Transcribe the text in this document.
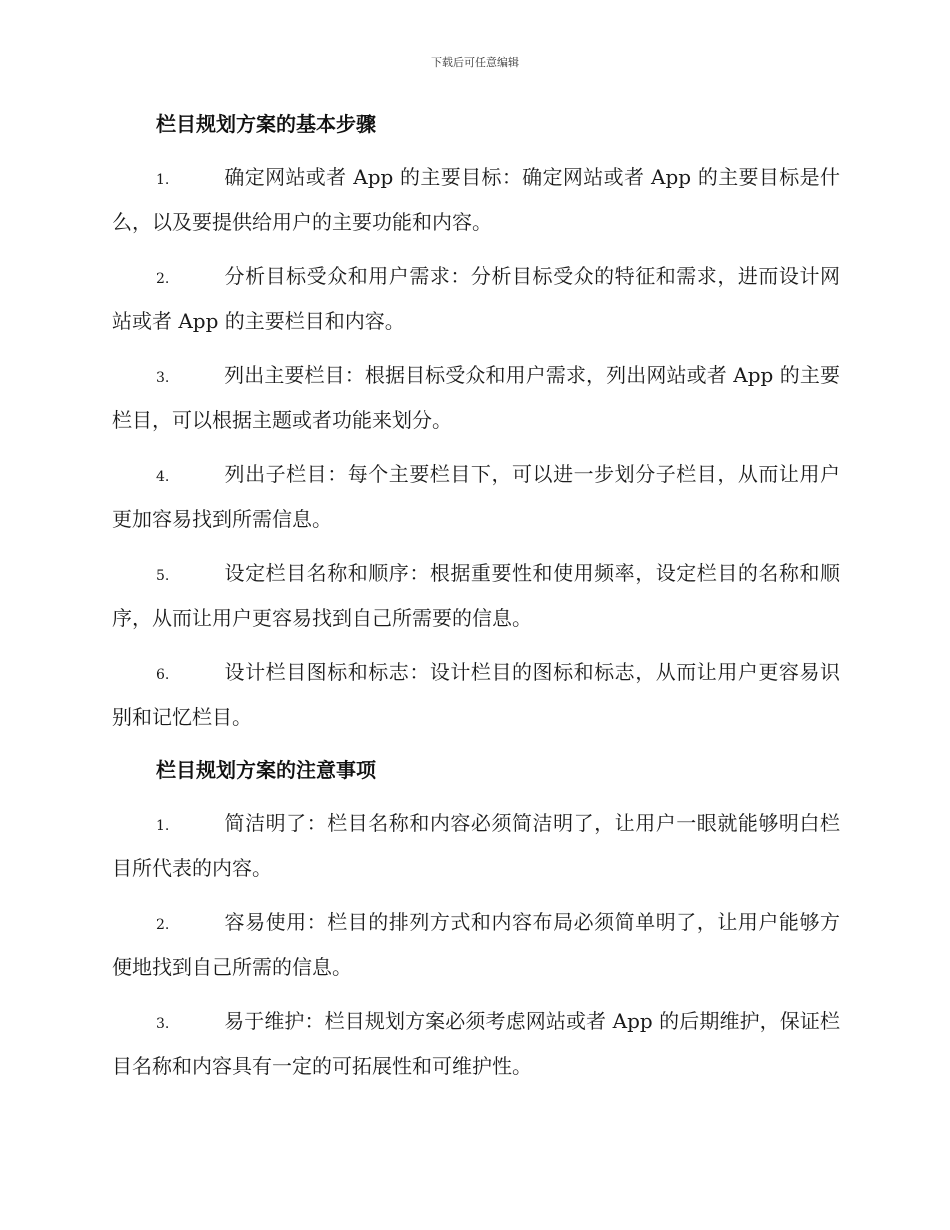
下载后可任意编辑
栏目规划方案的基本步骤

1.	确定网站或者 App 的主要目标：确定网站或者 App 的主要目标是什么，以及要提供给用户的主要功能和内容。

2.	分析目标受众和用户需求：分析目标受众的特征和需求，进而设计网站或者 App 的主要栏目和内容。

3.	列出主要栏目：根据目标受众和用户需求，列出网站或者 App 的主要栏目，可以根据主题或者功能来划分。

4.	列出子栏目：每个主要栏目下，可以进一步划分子栏目，从而让用户更加容易找到所需信息。

5.	设定栏目名称和顺序：根据重要性和使用频率，设定栏目的名称和顺序，从而让用户更容易找到自己所需要的信息。

6.	设计栏目图标和标志：设计栏目的图标和标志，从而让用户更容易识别和记忆栏目。

栏目规划方案的注意事项

1.	简洁明了：栏目名称和内容必须简洁明了，让用户一眼就能够明白栏目所代表的内容。

2.	容易使用：栏目的排列方式和内容布局必须简单明了，让用户能够方便地找到自己所需的信息。

3.	易于维护：栏目规划方案必须考虑网站或者 App 的后期维护，保证栏目名称和内容具有一定的可拓展性和可维护性。
